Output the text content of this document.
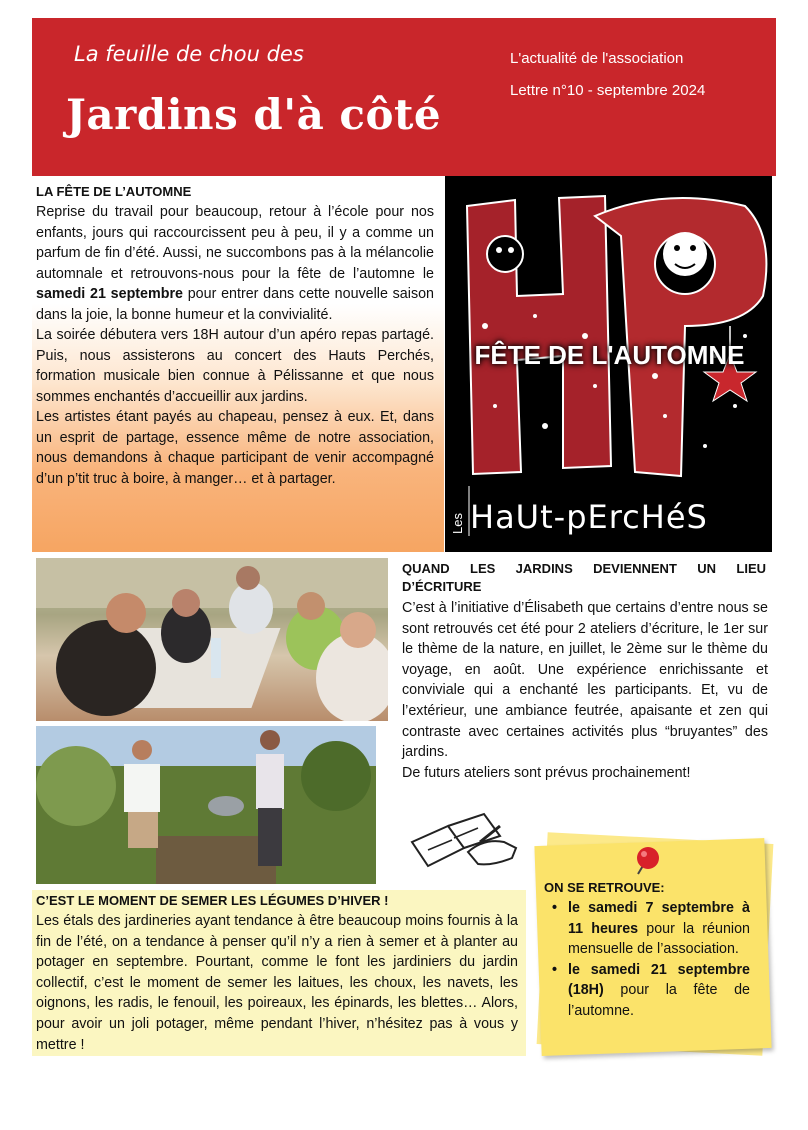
La feuille de chou des
Jardins d'à côté
L'actualité de l'association
Lettre n°10 - septembre 2024
LA FÊTE DE L’AUTOMNE

Reprise du travail pour beaucoup, retour à l’école pour nos enfants, jours qui raccourcissent peu à peu, il y a comme un parfum de fin d’été. Aussi, ne succombons pas à la mélancolie automnale et retrouvons-nous pour la fête de l’automne le samedi 21 septembre pour entrer dans cette nouvelle saison dans la joie, la bonne humeur et la convivialité.

La soirée débutera vers 18H autour d’un apéro repas partagé. Puis, nous assisterons au concert des Hauts Perchés, formation musicale bien connue à Pélissanne et que nous sommes enchantés d’accueillir aux jardins.

Les artistes étant payés au chapeau, pensez à eux. Et, dans un esprit de partage, essence même de notre association, nous demandons à chaque participant de venir accompagné d’un p’tit truc à boire, à manger… et à partager.

FÊTE DE L'AUTOMNE
Les HaUt-pErcHéS
QUAND LES JARDINS DEVIENNENT UN LIEU
D’ÉCRITURE

C’est à l’initiative d’Élisabeth que certains d’entre nous se sont retrouvés cet été pour 2 ateliers d’écriture, le 1er sur le thème de la nature, en juillet, le 2ème sur le thème du voyage, en août. Une expérience enrichissante et conviviale qui a enchanté les participants. Et, vu de l’extérieur, une ambiance feutrée, apaisante et zen qui contraste avec certaines activités plus “bruyantes” des jardins.

De futurs ateliers sont prévus prochainement!

C’EST LE MOMENT DE SEMER LES LÉGUMES D’HIVER !
Les étals des jardineries ayant tendance à être beaucoup moins fournis à la fin de l’été, on a tendance à penser qu’il n’y a rien à semer et à planter au potager en septembre. Pourtant, comme le font les jardiniers du jardin collectif, c’est le moment de semer les laitues, les choux, les navets, les oignons, les radis, le fenouil, les poireaux, les épinards, les blettes… Alors, pour avoir un joli potager, même pendant l’hiver, n’hésitez pas à vous y mettre !
ON SE RETROUVE:
• le samedi 7 septembre à 11 heures pour la réunion mensuelle de l’association.
• le samedi 21 septembre (18H) pour la fête de l’automne.
